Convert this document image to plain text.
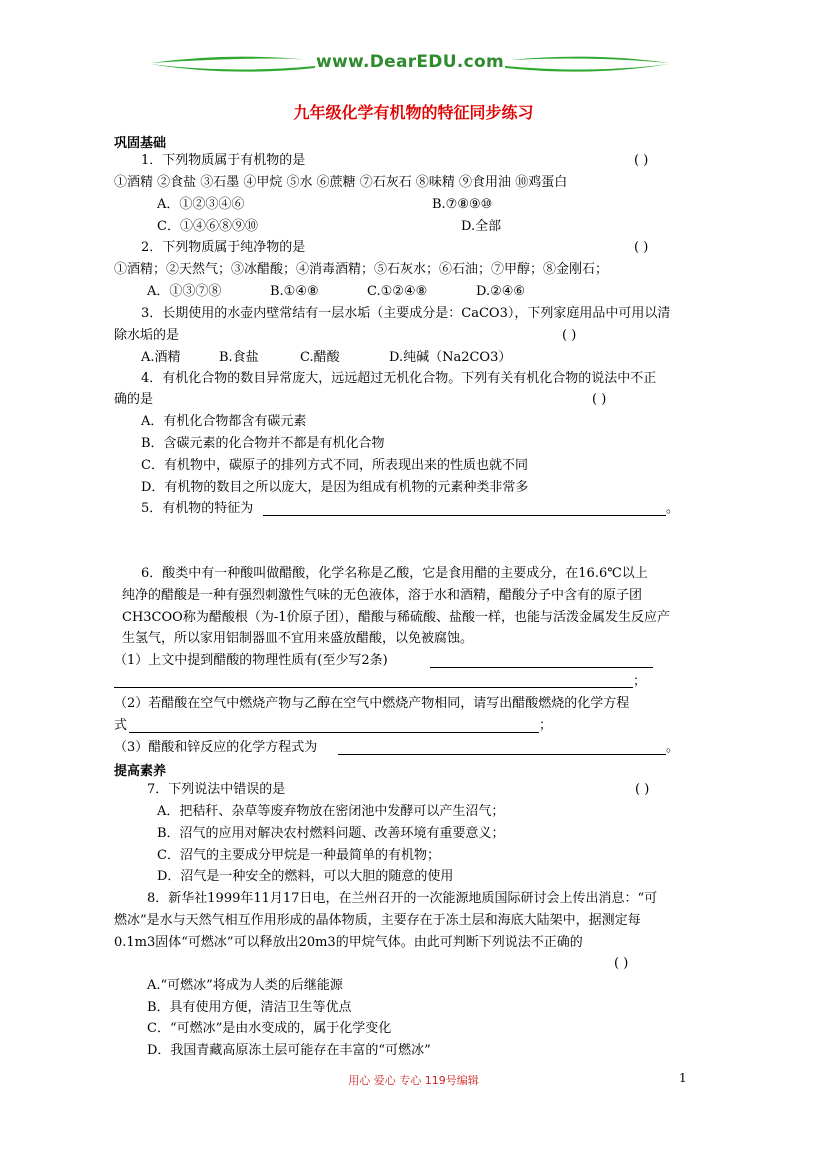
www.DearEDU.com
九年级化学有机物的特征同步练习
巩固基础
1．下列物质属于有机物的是	( )
①酒精 ②食盐 ③石墨 ④甲烷 ⑤水 ⑥蔗糖 ⑦石灰石 ⑧味精 ⑨食用油 ⑩鸡蛋白
A．①②③④⑥	B.⑦⑧⑨⑩
C．①④⑥⑧⑨⑩	D.全部
2．下列物质属于纯净物的是	( )
①酒精；②天然气；③冰醋酸；④消毒酒精；⑤石灰水；⑥石油；⑦甲醇；⑧金刚石；
A．①③⑦⑧	B.①④⑧	C.①②④⑧	D.②④⑥
3．长期使用的水壶内壁常结有一层水垢（主要成分是：CaCO3），下列家庭用品中可用以清
除水垢的是	( )
A.酒精	B.食盐	C.醋酸	D.纯碱（Na2CO3）
4．有机化合物的数目异常庞大，远远超过无机化合物。下列有关有机化合物的说法中不正
确的是	( )
A．有机化合物都含有碳元素
B．含碳元素的化合物并不都是有机化合物
C．有机物中，碳原子的排列方式不同，所表现出来的性质也就不同
D．有机物的数目之所以庞大，是因为组成有机物的元素种类非常多
5．有机物的特征为	。
6．酸类中有一种酸叫做醋酸，化学名称是乙酸，它是食用醋的主要成分，在16.6℃以上
纯净的醋酸是一种有强烈刺激性气味的无色液体，溶于水和酒精，醋酸分子中含有的原子团
CH3COO称为醋酸根（为-1价原子团），醋酸与稀硫酸、盐酸一样，也能与活泼金属发生反应产
生氢气，所以家用铝制器皿不宜用来盛放醋酸，以免被腐蚀。
（1）上文中提到醋酸的物理性质有(至少写2条)
；
（2）若醋酸在空气中燃烧产物与乙醇在空气中燃烧产物相同，请写出醋酸燃烧的化学方程
式	；
（3）醋酸和锌反应的化学方程式为	。
提高素养
7．下列说法中错误的是	( )
A．把秸秆、杂草等废弃物放在密闭池中发酵可以产生沼气；
B．沼气的应用对解决农村燃料问题、改善环境有重要意义；
C．沼气的主要成分甲烷是一种最简单的有机物；
D．沼气是一种安全的燃料，可以大胆的随意的使用
8．新华社1999年11月17日电，在兰州召开的一次能源地质国际研讨会上传出消息：“可
燃冰”是水与天然气相互作用形成的晶体物质，主要存在于冻土层和海底大陆架中，据测定每
0.1m3固体“可燃冰”可以释放出20m3的甲烷气体。由此可判断下列说法不正确的
( )
A.“可燃冰”将成为人类的后继能源
B．具有使用方便，清洁卫生等优点
C．“可燃冰”是由水变成的，属于化学变化
D．我国青藏高原冻土层可能存在丰富的“可燃冰”
用心 爱心 专心 119号编辑	1
